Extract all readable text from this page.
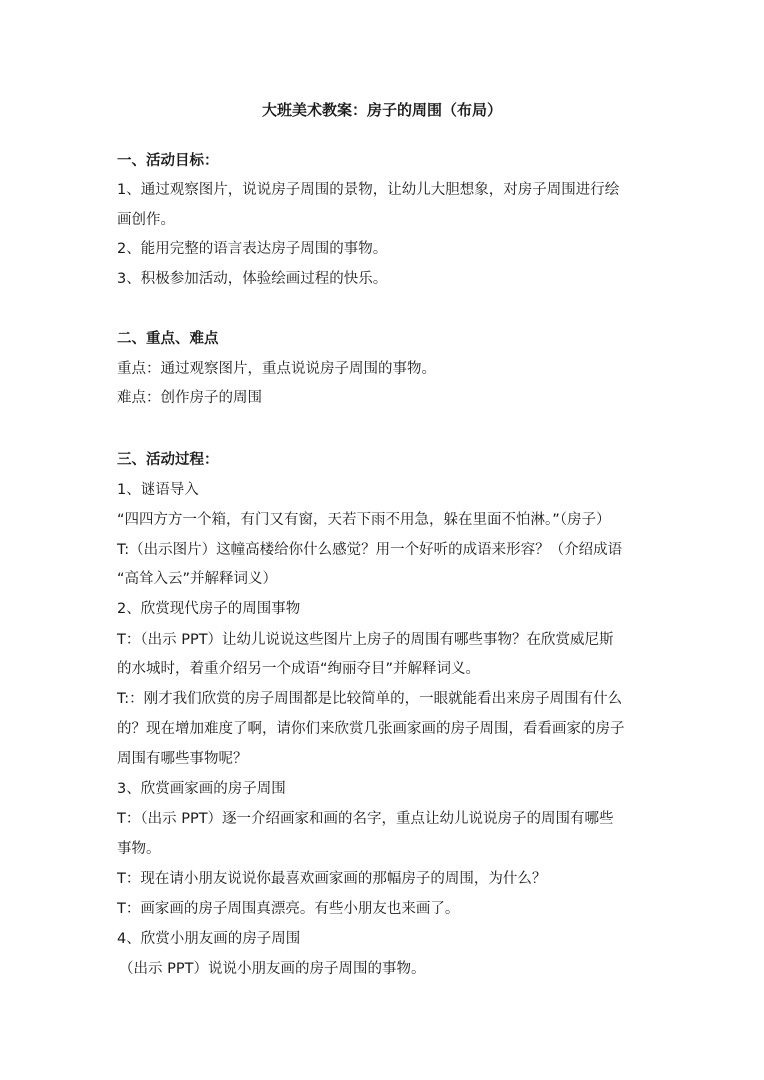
大班美术教案：房子的周围（布局）
一、活动目标：
1、通过观察图片，说说房子周围的景物，让幼儿大胆想象，对房子周围进行绘
画创作。
2、能用完整的语言表达房子周围的事物。
3、积极参加活动，体验绘画过程的快乐。
二、重点、难点
重点：通过观察图片，重点说说房子周围的事物。
难点：创作房子的周围
三、活动过程：
1、谜语导入
“四四方方一个箱，有门又有窗，天若下雨不用急，躲在里面不怕淋。”（房子）
T:（出示图片）这幢高楼给你什么感觉？用一个好听的成语来形容？（介绍成语
“高耸入云”并解释词义）
2、欣赏现代房子的周围事物
T：（出示 PPT）让幼儿说说这些图片上房子的周围有哪些事物？在欣赏威尼斯
的水城时，着重介绍另一个成语“绚丽夺目”并解释词义。
T:：刚才我们欣赏的房子周围都是比较简单的，一眼就能看出来房子周围有什么
的？现在增加难度了啊，请你们来欣赏几张画家画的房子周围，看看画家的房子
周围有哪些事物呢？
3、欣赏画家画的房子周围
T：（出示 PPT）逐一介绍画家和画的名字，重点让幼儿说说房子的周围有哪些
事物。
T：现在请小朋友说说你最喜欢画家画的那幅房子的周围，为什么？
T：画家画的房子周围真漂亮。有些小朋友也来画了。
4、欣赏小朋友画的房子周围
（出示 PPT）说说小朋友画的房子周围的事物。
